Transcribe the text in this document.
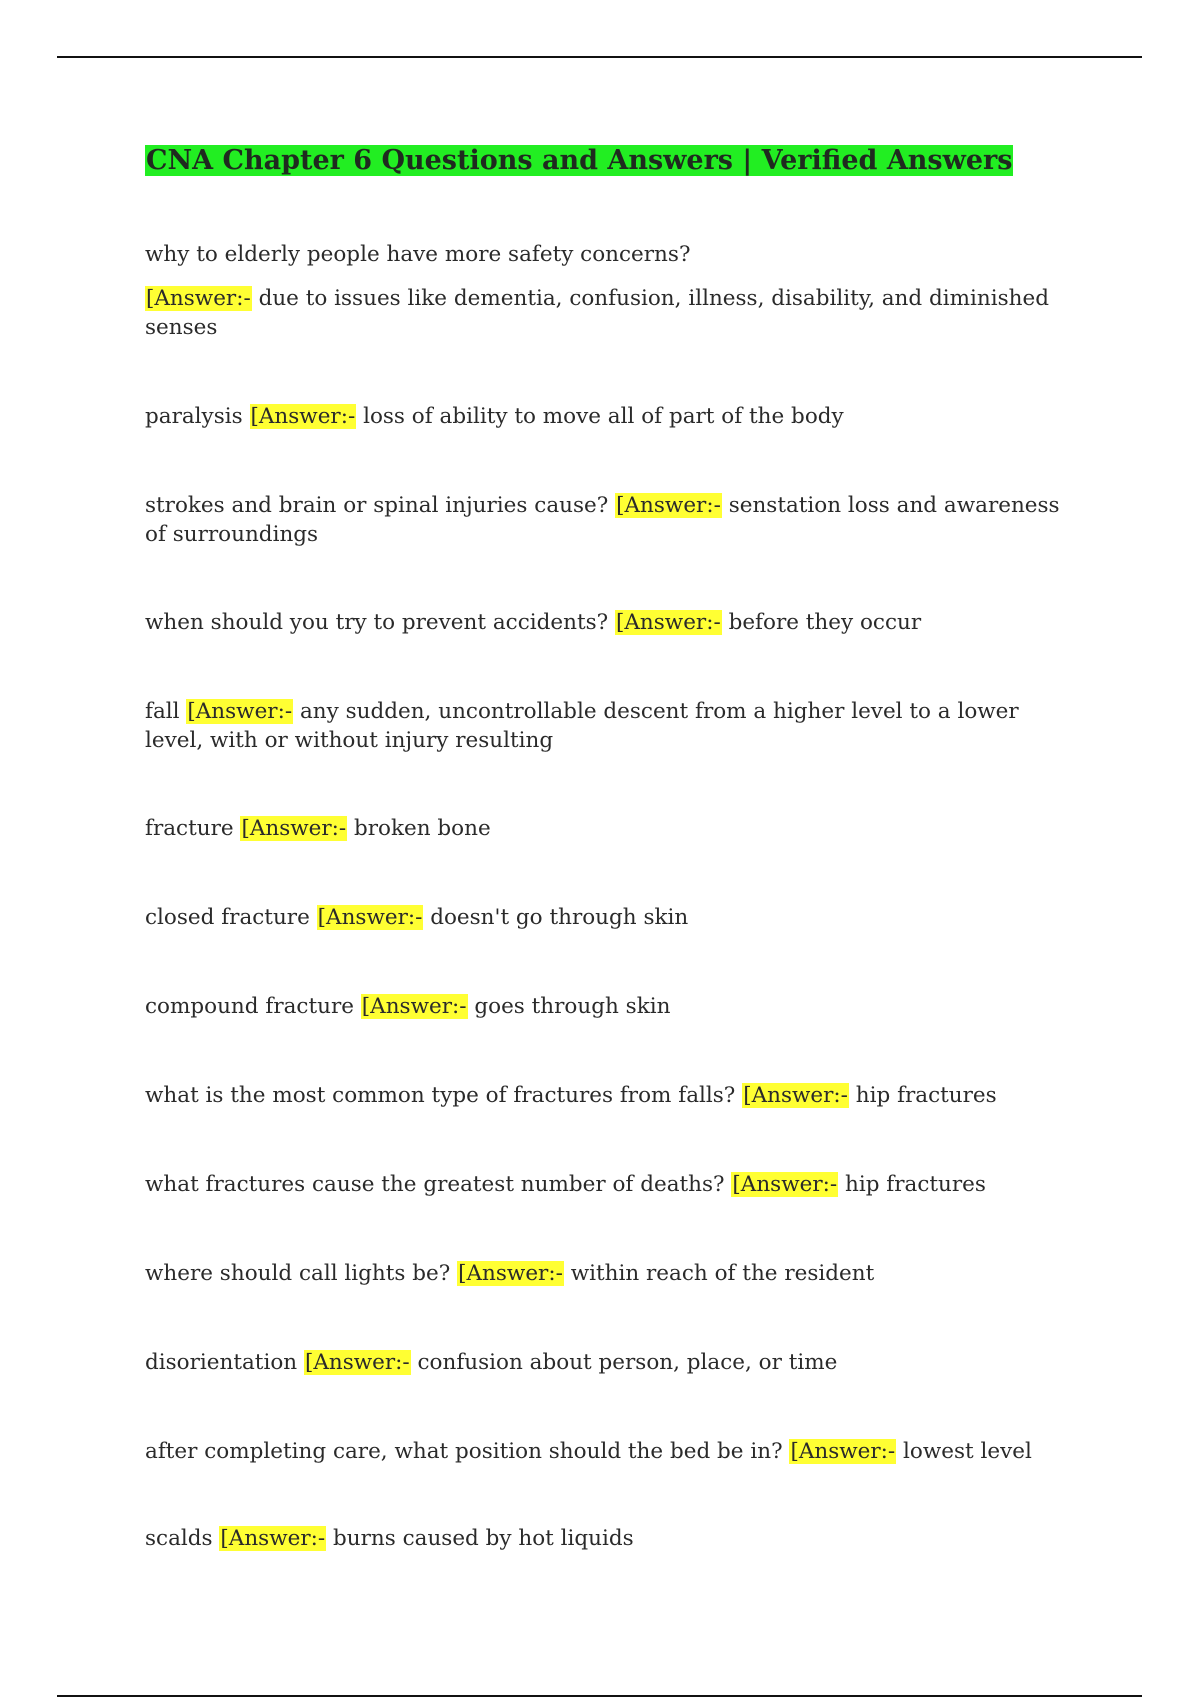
CNA Chapter 6 Questions and Answers | Verified Answers

why to elderly people have more safety concerns?
[Answer:- due to issues like dementia, confusion, illness, disability, and diminished senses

paralysis [Answer:- loss of ability to move all of part of the body

strokes and brain or spinal injuries cause? [Answer:- senstation loss and awareness of surroundings

when should you try to prevent accidents? [Answer:- before they occur

fall [Answer:- any sudden, uncontrollable descent from a higher level to a lower level, with or without injury resulting

fracture [Answer:- broken bone

closed fracture [Answer:- doesn't go through skin

compound fracture [Answer:- goes through skin

what is the most common type of fractures from falls? [Answer:- hip fractures

what fractures cause the greatest number of deaths? [Answer:- hip fractures

where should call lights be? [Answer:- within reach of the resident

disorientation [Answer:- confusion about person, place, or time

after completing care, what position should the bed be in? [Answer:- lowest level

scalds [Answer:- burns caused by hot liquids
